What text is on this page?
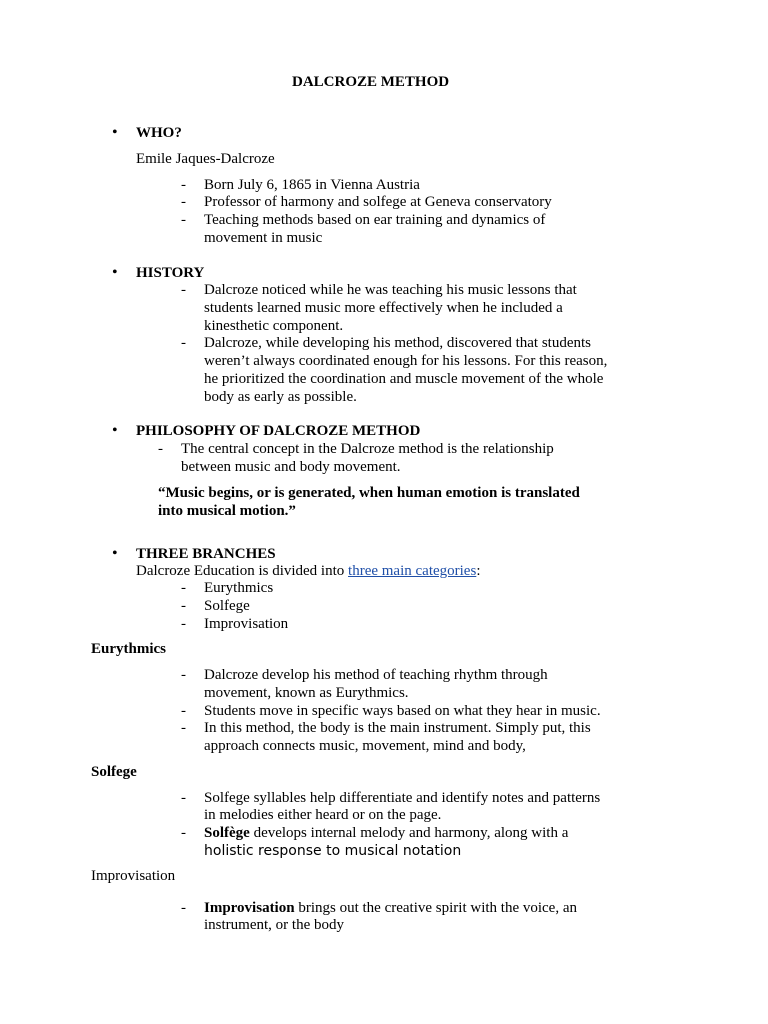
DALCROZE METHOD
• WHO?
Emile Jaques-Dalcroze
-	Born July 6, 1865 in Vienna Austria
-	Professor of harmony and solfege at Geneva conservatory
-	Teaching methods based on ear training and dynamics of
movement in music
• HISTORY
-	Dalcroze noticed while he was teaching his music lessons that
students learned music more effectively when he included a
kinesthetic component.
-	Dalcroze, while developing his method, discovered that students
weren’t always coordinated enough for his lessons. For this reason,
he prioritized the coordination and muscle movement of the whole
body as early as possible.
• PHILOSOPHY OF DALCROZE METHOD
-	The central concept in the Dalcroze method is the relationship
between music and body movement.
“Music begins, or is generated, when human emotion is translated
into musical motion.”
• THREE BRANCHES
Dalcroze Education is divided into three main categories:
-	Eurythmics
-	Solfege
-	Improvisation
Eurythmics
-	Dalcroze develop his method of teaching rhythm through
movement, known as Eurythmics.
-	Students move in specific ways based on what they hear in music.
-	In this method, the body is the main instrument. Simply put, this
approach connects music, movement, mind and body,
Solfege
-	Solfege syllables help differentiate and identify notes and patterns
in melodies either heard or on the page.
-	Solfège develops internal melody and harmony, along with a
holistic response to musical notation
Improvisation
-	Improvisation brings out the creative spirit with the voice, an
instrument, or the body
